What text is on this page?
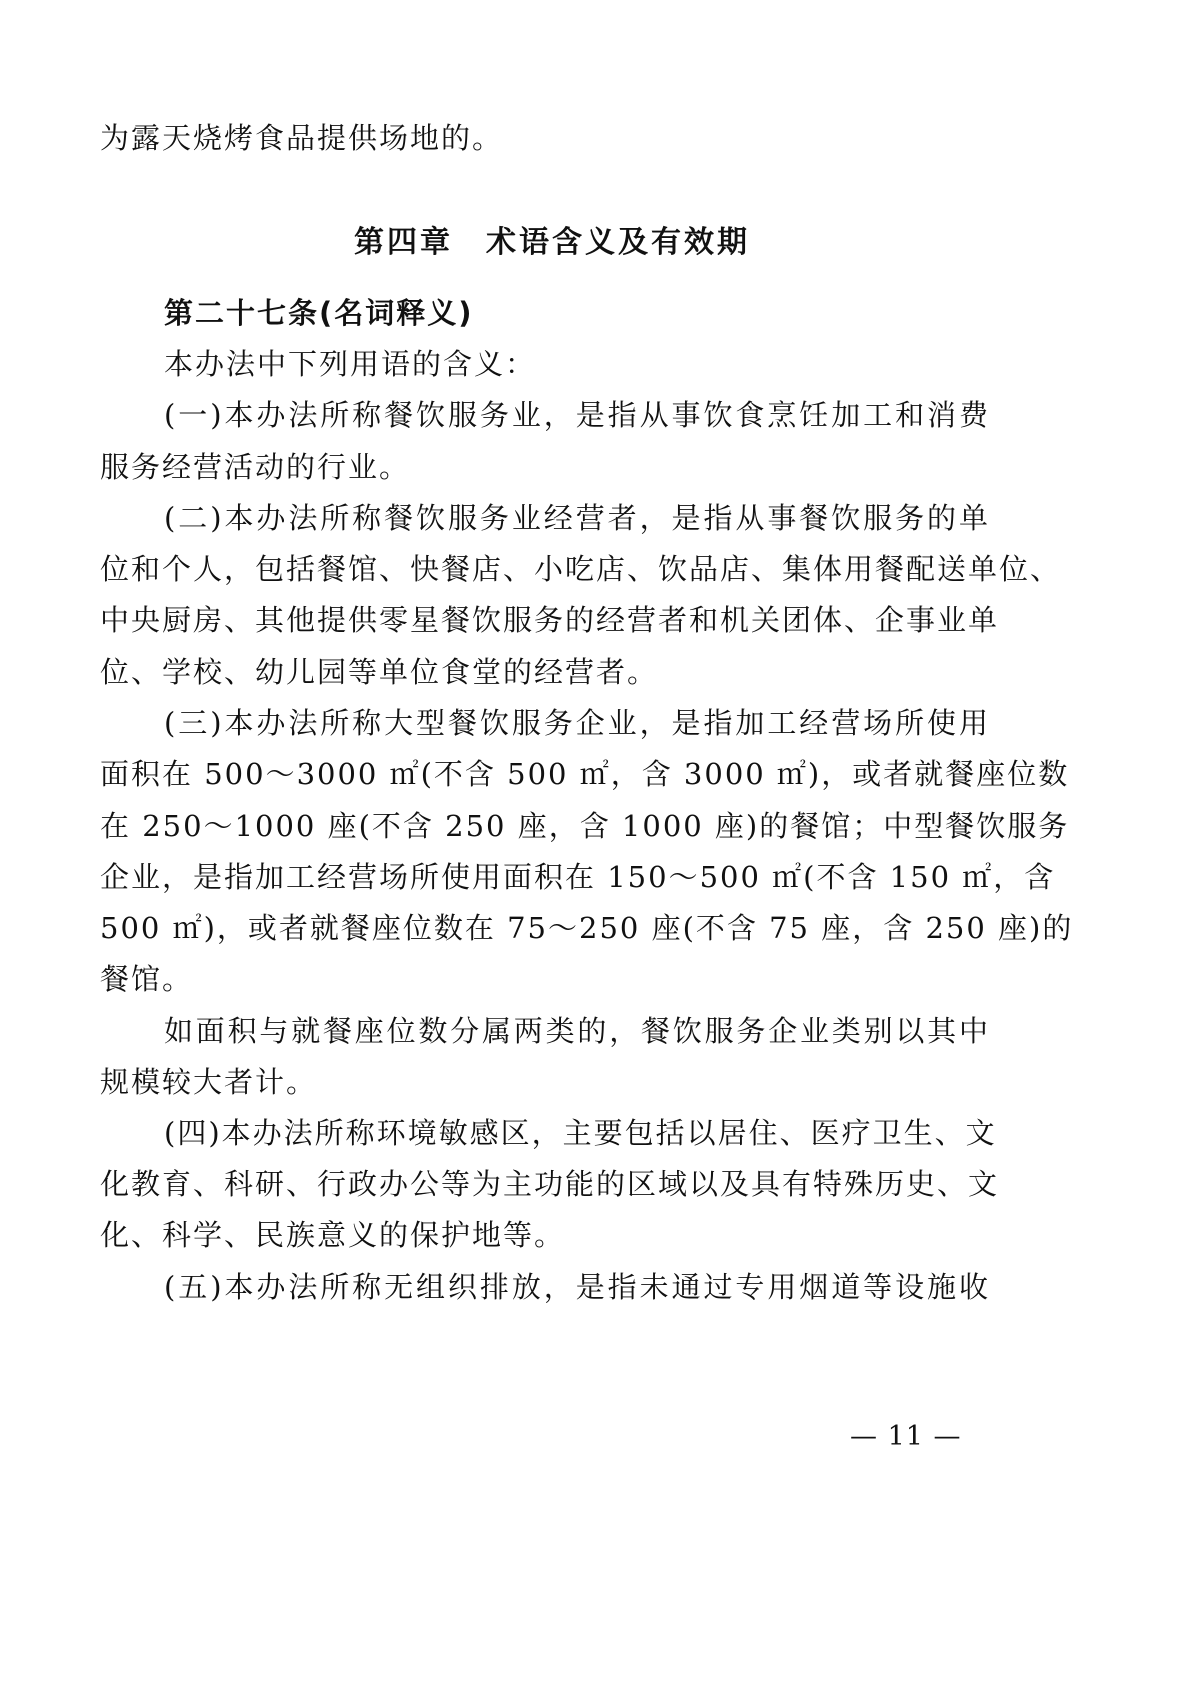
为露天烧烤食品提供场地的。
第四章　术语含义及有效期
第二十七条(名词释义)
本办法中下列用语的含义：
(一)本办法所称餐饮服务业，是指从事饮食烹饪加工和消费
服务经营活动的行业。
(二)本办法所称餐饮服务业经营者，是指从事餐饮服务的单
位和个人，包括餐馆、快餐店、小吃店、饮品店、集体用餐配送单位、
中央厨房、其他提供零星餐饮服务的经营者和机关团体、企事业单
位、学校、幼儿园等单位食堂的经营者。
(三)本办法所称大型餐饮服务企业，是指加工经营场所使用
面积在 500～3000 ㎡(不含 500 ㎡，含 3000 ㎡)，或者就餐座位数
在 250～1000 座(不含 250 座，含 1000 座)的餐馆；中型餐饮服务
企业，是指加工经营场所使用面积在 150～500 ㎡(不含 150 ㎡，含
500 ㎡)，或者就餐座位数在 75～250 座(不含 75 座，含 250 座)的
餐馆。
如面积与就餐座位数分属两类的，餐饮服务企业类别以其中
规模较大者计。
(四)本办法所称环境敏感区，主要包括以居住、医疗卫生、文
化教育、科研、行政办公等为主功能的区域以及具有特殊历史、文
化、科学、民族意义的保护地等。
(五)本办法所称无组织排放，是指未通过专用烟道等设施收
— 11 —
